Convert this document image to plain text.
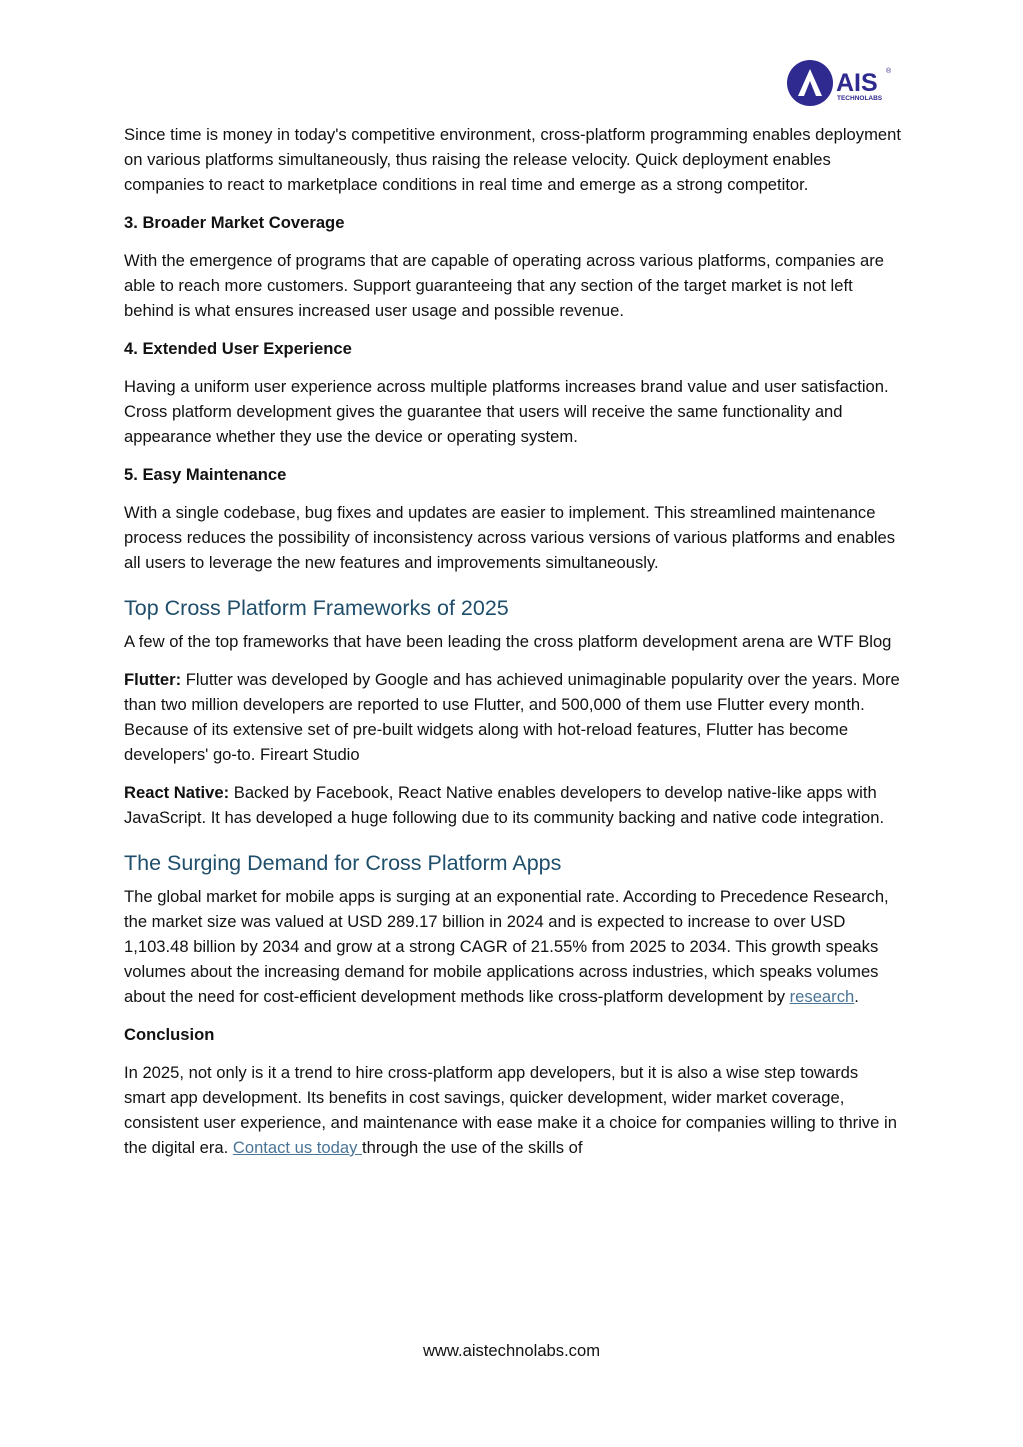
AIS ®
TECHNOLABS

Since time is money in today's competitive environment, cross-platform programming enables deployment on various platforms simultaneously, thus raising the release velocity. Quick deployment enables companies to react to marketplace conditions in real time and emerge as a strong competitor.

3. Broader Market Coverage

With the emergence of programs that are capable of operating across various platforms, companies are able to reach more customers. Support guaranteeing that any section of the target market is not left behind is what ensures increased user usage and possible revenue.

4. Extended User Experience

Having a uniform user experience across multiple platforms increases brand value and user satisfaction. Cross platform development gives the guarantee that users will receive the same functionality and appearance whether they use the device or operating system.

5. Easy Maintenance

With a single codebase, bug fixes and updates are easier to implement. This streamlined maintenance process reduces the possibility of inconsistency across various versions of various platforms and enables all users to leverage the new features and improvements simultaneously.

Top Cross Platform Frameworks of 2025

A few of the top frameworks that have been leading the cross platform development arena are WTF Blog

Flutter: Flutter was developed by Google and has achieved unimaginable popularity over the years. More than two million developers are reported to use Flutter, and 500,000 of them use Flutter every month. Because of its extensive set of pre-built widgets along with hot-reload features, Flutter has become developers' go-to. Fireart Studio

React Native: Backed by Facebook, React Native enables developers to develop native-like apps with JavaScript. It has developed a huge following due to its community backing and native code integration.

The Surging Demand for Cross Platform Apps

The global market for mobile apps is surging at an exponential rate. According to Precedence Research, the market size was valued at USD 289.17 billion in 2024 and is expected to increase to over USD 1,103.48 billion by 2034 and grow at a strong CAGR of 21.55% from 2025 to 2034. This growth speaks volumes about the increasing demand for mobile applications across industries, which speaks volumes about the need for cost-efficient development methods like cross-platform development by research.

Conclusion

In 2025, not only is it a trend to hire cross-platform app developers, but it is also a wise step towards smart app development. Its benefits in cost savings, quicker development, wider market coverage, consistent user experience, and maintenance with ease make it a choice for companies willing to thrive in the digital era. Contact us today through the use of the skills of

www.aistechnolabs.com
